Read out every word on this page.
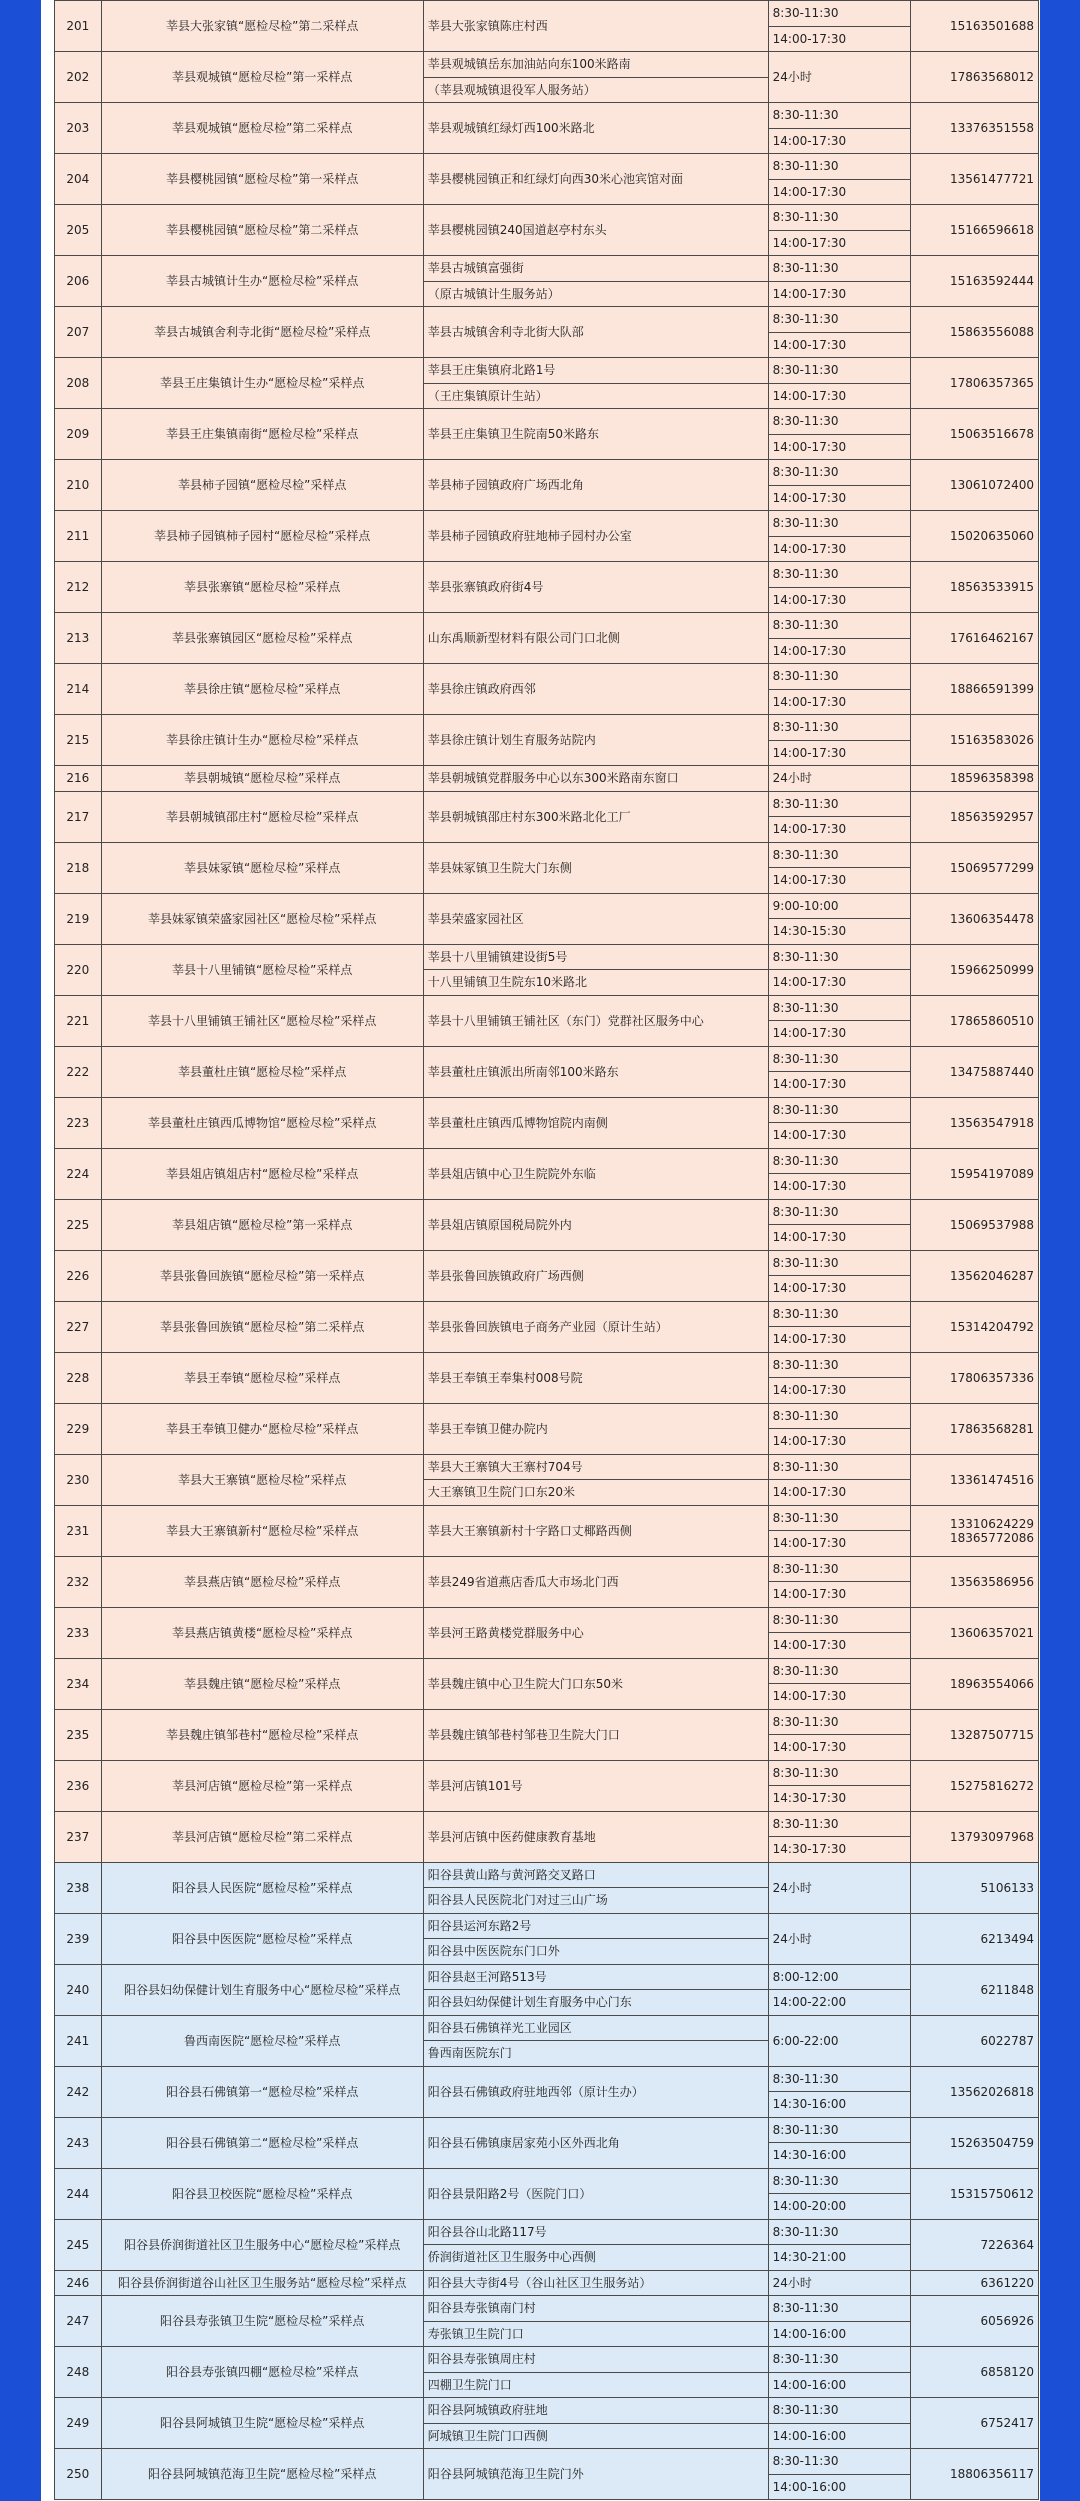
201	莘县大张家镇“愿检尽检”第二采样点	莘县大张家镇陈庄村西	8:30-11:30	15163501688
			14:00-17:30	
202	莘县观城镇“愿检尽检”第一采样点	莘县观城镇岳东加油站向东100米路南	24小时	17863568012
		（莘县观城镇退役军人服务站）		
203	莘县观城镇“愿检尽检”第二采样点	莘县观城镇红绿灯西100米路北	8:30-11:30	13376351558
			14:00-17:30	
204	莘县樱桃园镇“愿检尽检”第一采样点	莘县樱桃园镇正和红绿灯向西30米心池宾馆对面	8:30-11:30	13561477721
			14:00-17:30	
205	莘县樱桃园镇“愿检尽检”第二采样点	莘县樱桃园镇240国道赵亭村东头	8:30-11:30	15166596618
			14:00-17:30	
206	莘县古城镇计生办“愿检尽检”采样点	莘县古城镇富强街	8:30-11:30	15163592444
		（原古城镇计生服务站）	14:00-17:30	
207	莘县古城镇舍利寺北街“愿检尽检”采样点	莘县古城镇舍利寺北街大队部	8:30-11:30	15863556088
			14:00-17:30	
208	莘县王庄集镇计生办“愿检尽检”采样点	莘县王庄集镇府北路1号	8:30-11:30	17806357365
		（王庄集镇原计生站）	14:00-17:30	
209	莘县王庄集镇南街“愿检尽检”采样点	莘县王庄集镇卫生院南50米路东	8:30-11:30	15063516678
			14:00-17:30	
210	莘县柿子园镇“愿检尽检”采样点	莘县柿子园镇政府广场西北角	8:30-11:30	13061072400
			14:00-17:30	
211	莘县柿子园镇柿子园村“愿检尽检”采样点	莘县柿子园镇政府驻地柿子园村办公室	8:30-11:30	15020635060
			14:00-17:30	
212	莘县张寨镇“愿检尽检”采样点	莘县张寨镇政府街4号	8:30-11:30	18563533915
			14:00-17:30	
213	莘县张寨镇园区“愿检尽检”采样点	山东禹顺新型材料有限公司门口北侧	8:30-11:30	17616462167
			14:00-17:30	
214	莘县徐庄镇“愿检尽检”采样点	莘县徐庄镇政府西邻	8:30-11:30	18866591399
			14:00-17:30	
215	莘县徐庄镇计生办“愿检尽检”采样点	莘县徐庄镇计划生育服务站院内	8:30-11:30	15163583026
			14:00-17:30	
216	莘县朝城镇“愿检尽检”采样点	莘县朝城镇党群服务中心以东300米路南东窗口	24小时	18596358398
217	莘县朝城镇邵庄村“愿检尽检”采样点	莘县朝城镇邵庄村东300米路北化工厂	8:30-11:30	18563592957
			14:00-17:30	
218	莘县妹冢镇“愿检尽检”采样点	莘县妹冢镇卫生院大门东侧	8:30-11:30	15069577299
			14:00-17:30	
219	莘县妹冢镇荣盛家园社区“愿检尽检”采样点	莘县荣盛家园社区	9:00-10:00	13606354478
			14:30-15:30	
220	莘县十八里铺镇“愿检尽检”采样点	莘县十八里铺镇建设街5号	8:30-11:30	15966250999
		十八里铺镇卫生院东10米路北	14:00-17:30	
221	莘县十八里铺镇王铺社区“愿检尽检”采样点	莘县十八里铺镇王铺社区（东门）党群社区服务中心	8:30-11:30	17865860510
			14:00-17:30	
222	莘县董杜庄镇“愿检尽检”采样点	莘县董杜庄镇派出所南邻100米路东	8:30-11:30	13475887440
			14:00-17:30	
223	莘县董杜庄镇西瓜博物馆“愿检尽检”采样点	莘县董杜庄镇西瓜博物馆院内南侧	8:30-11:30	13563547918
			14:00-17:30	
224	莘县俎店镇俎店村“愿检尽检”采样点	莘县俎店镇中心卫生院院外东临	8:30-11:30	15954197089
			14:00-17:30	
225	莘县俎店镇“愿检尽检”第一采样点	莘县俎店镇原国税局院外内	8:30-11:30	15069537988
			14:00-17:30	
226	莘县张鲁回族镇“愿检尽检”第一采样点	莘县张鲁回族镇政府广场西侧	8:30-11:30	13562046287
			14:00-17:30	
227	莘县张鲁回族镇“愿检尽检”第二采样点	莘县张鲁回族镇电子商务产业园（原计生站）	8:30-11:30	15314204792
			14:00-17:30	
228	莘县王奉镇“愿检尽检”采样点	莘县王奉镇王奉集村008号院	8:30-11:30	17806357336
			14:00-17:30	
229	莘县王奉镇卫健办“愿检尽检”采样点	莘县王奉镇卫健办院内	8:30-11:30	17863568281
			14:00-17:30	
230	莘县大王寨镇“愿检尽检”采样点	莘县大王寨镇大王寨村704号	8:30-11:30	13361474516
		大王寨镇卫生院门口东20米	14:00-17:30	
231	莘县大王寨镇新村“愿检尽检”采样点	莘县大王寨镇新村十字路口丈椰路西侧	8:30-11:30	13310624229
18365772086
			14:00-17:30	
232	莘县燕店镇“愿检尽检”采样点	莘县249省道燕店香瓜大市场北门西	8:30-11:30	13563586956
			14:00-17:30	
233	莘县燕店镇黄楼“愿检尽检”采样点	莘县河王路黄楼党群服务中心	8:30-11:30	13606357021
			14:00-17:30	
234	莘县魏庄镇“愿检尽检”采样点	莘县魏庄镇中心卫生院大门口东50米	8:30-11:30	18963554066
			14:00-17:30	
235	莘县魏庄镇邹巷村“愿检尽检”采样点	莘县魏庄镇邹巷村邹巷卫生院大门口	8:30-11:30	13287507715
			14:00-17:30	
236	莘县河店镇“愿检尽检”第一采样点	莘县河店镇101号	8:30-11:30	15275816272
			14:30-17:30	
237	莘县河店镇“愿检尽检”第二采样点	莘县河店镇中医药健康教育基地	8:30-11:30	13793097968
			14:30-17:30	
238	阳谷县人民医院“愿检尽检”采样点	阳谷县黄山路与黄河路交叉路口	24小时	5106133
		阳谷县人民医院北门对过三山广场		
239	阳谷县中医医院“愿检尽检”采样点	阳谷县运河东路2号	24小时	6213494
		阳谷县中医医院东门口外		
240	阳谷县妇幼保健计划生育服务中心“愿检尽检”采样点	阳谷县赵王河路513号	8:00-12:00	6211848
		阳谷县妇幼保健计划生育服务中心门东	14:00-22:00	
241	鲁西南医院“愿检尽检”采样点	阳谷县石佛镇祥光工业园区	6:00-22:00	6022787
		鲁西南医院东门		
242	阳谷县石佛镇第一“愿检尽检”采样点	阳谷县石佛镇政府驻地西邻（原计生办）	8:30-11:30	13562026818
			14:30-16:00	
243	阳谷县石佛镇第二“愿检尽检”采样点	阳谷县石佛镇康居家苑小区外西北角	8:30-11:30	15263504759
			14:30-16:00	
244	阳谷县卫校医院“愿检尽检”采样点	阳谷县景阳路2号（医院门口）	8:30-11:30	15315750612
			14:00-20:00	
245	阳谷县侨润街道社区卫生服务中心“愿检尽检”采样点	阳谷县谷山北路117号	8:30-11:30	7226364
		侨润街道社区卫生服务中心西侧	14:30-21:00	
246	阳谷县侨润街道谷山社区卫生服务站“愿检尽检”采样点	阳谷县大寺街4号（谷山社区卫生服务站）	24小时	6361220
247	阳谷县寿张镇卫生院“愿检尽检”采样点	阳谷县寿张镇南门村	8:30-11:30	6056926
		寿张镇卫生院门口	14:00-16:00	
248	阳谷县寿张镇四棚“愿检尽检”采样点	阳谷县寿张镇周庄村	8:30-11:30	6858120
		四棚卫生院门口	14:00-16:00	
249	阳谷县阿城镇卫生院“愿检尽检”采样点	阳谷县阿城镇政府驻地	8:30-11:30	6752417
		阿城镇卫生院门口西侧	14:00-16:00	
250	阳谷县阿城镇范海卫生院“愿检尽检”采样点	阳谷县阿城镇范海卫生院门外	8:30-11:30	18806356117
			14:00-16:00	
